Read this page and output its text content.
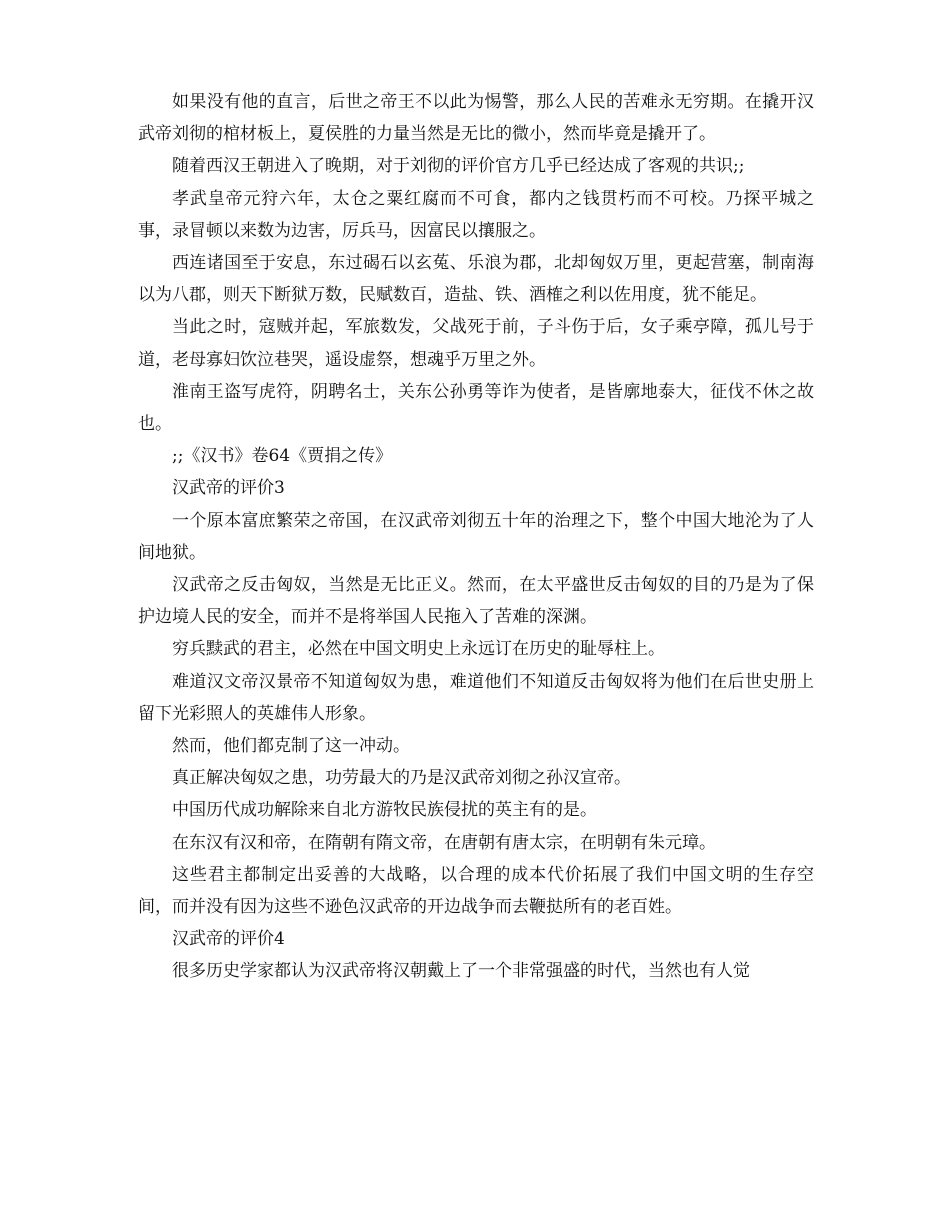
如果没有他的直言，后世之帝王不以此为惕警，那么人民的苦难永无穷期。在撬开汉武帝刘彻的棺材板上，夏侯胜的力量当然是无比的微小，然而毕竟是撬开了。

随着西汉王朝进入了晚期，对于刘彻的评价官方几乎已经达成了客观的共识;;

孝武皇帝元狩六年，太仓之粟红腐而不可食，都内之钱贯朽而不可校。乃探平城之事，录冒顿以来数为边害，厉兵马，因富民以攘服之。

西连诸国至于安息，东过碣石以玄菟、乐浪为郡，北却匈奴万里，更起营塞，制南海以为八郡，则天下断狱万数，民赋数百，造盐、铁、酒榷之利以佐用度，犹不能足。

当此之时，寇贼并起，军旅数发，父战死于前，子斗伤于后，女子乘亭障，孤儿号于道，老母寡妇饮泣巷哭，遥设虚祭，想魂乎万里之外。

淮南王盗写虎符，阴聘名士，关东公孙勇等诈为使者，是皆廓地泰大，征伐不休之故也。

;;《汉书》卷64《贾捐之传》

汉武帝的评价3

一个原本富庶繁荣之帝国，在汉武帝刘彻五十年的治理之下，整个中国大地沦为了人间地狱。

汉武帝之反击匈奴，当然是无比正义。然而，在太平盛世反击匈奴的目的乃是为了保护边境人民的安全，而并不是将举国人民拖入了苦难的深渊。

穷兵黩武的君主，必然在中国文明史上永远订在历史的耻辱柱上。

难道汉文帝汉景帝不知道匈奴为患，难道他们不知道反击匈奴将为他们在后世史册上留下光彩照人的英雄伟人形象。

然而，他们都克制了这一冲动。

真正解决匈奴之患，功劳最大的乃是汉武帝刘彻之孙汉宣帝。

中国历代成功解除来自北方游牧民族侵扰的英主有的是。

在东汉有汉和帝，在隋朝有隋文帝，在唐朝有唐太宗，在明朝有朱元璋。

这些君主都制定出妥善的大战略，以合理的成本代价拓展了我们中国文明的生存空间，而并没有因为这些不逊色汉武帝的开边战争而去鞭挞所有的老百姓。

汉武帝的评价4

很多历史学家都认为汉武帝将汉朝戴上了一个非常强盛的时代，当然也有人觉
